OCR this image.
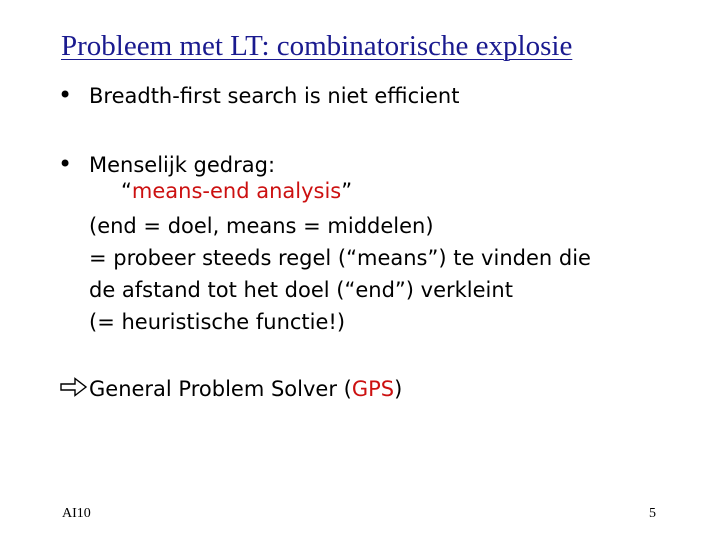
Probleem met LT: combinatorische explosie
• Breadth-first search is niet efficient
• Menselijk gedrag:
“means-end analysis”
(end = doel, means = middelen)
= probeer steeds regel (“means”) te vinden die
de afstand tot het doel (“end”) verkleint
(= heuristische functie!)
General Problem Solver (GPS)
AI10	5
